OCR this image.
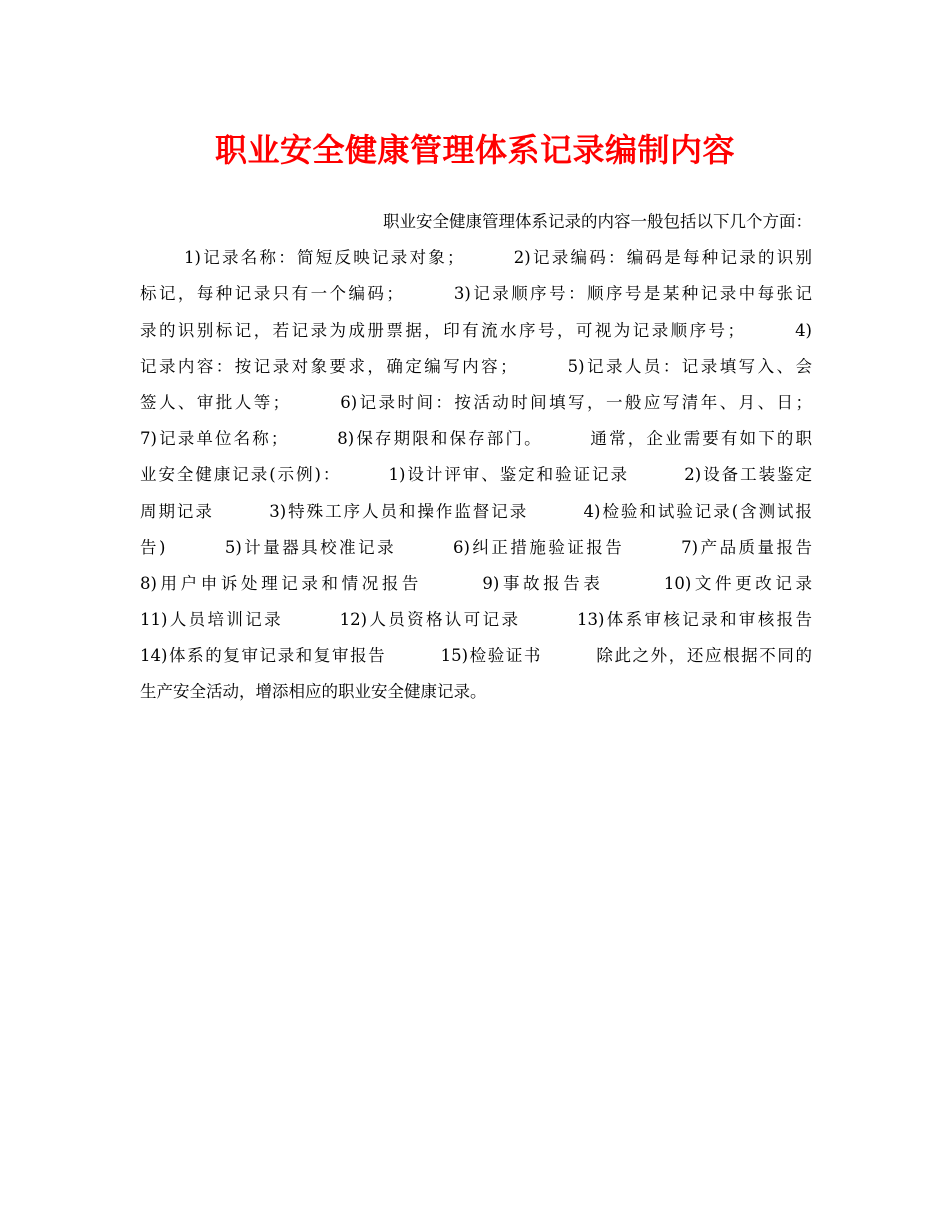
职业安全健康管理体系记录编制内容
职业安全健康管理体系记录的内容一般包括以下几个方面：
1)记录名称：简短反映记录对象；　　　2)记录编码：编码是每种记录的识别
标记，每种记录只有一个编码；　　　3)记录顺序号：顺序号是某种记录中每张记
录的识别标记，若记录为成册票据，印有流水序号，可视为记录顺序号；　　　4)
记录内容：按记录对象要求，确定编写内容；　　　5)记录人员：记录填写入、会
签人、审批人等；　　　6)记录时间：按活动时间填写，一般应写清年、月、日；
7)记录单位名称；　　　8)保存期限和保存部门。　　　通常，企业需要有如下的职
业安全健康记录(示例)：　　　1)设计评审、鉴定和验证记录　　　2)设备工装鉴定
周期记录　　　3)特殊工序人员和操作监督记录　　　4)检验和试验记录(含测试报
告)　　　5)计量器具校准记录　　　6)纠正措施验证报告　　　7)产品质量报告
8)用户申诉处理记录和情况报告　　　9)事故报告表　　　10)文件更改记录
11)人员培训记录　　　12)人员资格认可记录　　　13)体系审核记录和审核报告
14)体系的复审记录和复审报告　　　15)检验证书　　　除此之外，还应根据不同的
生产安全活动，增添相应的职业安全健康记录。
